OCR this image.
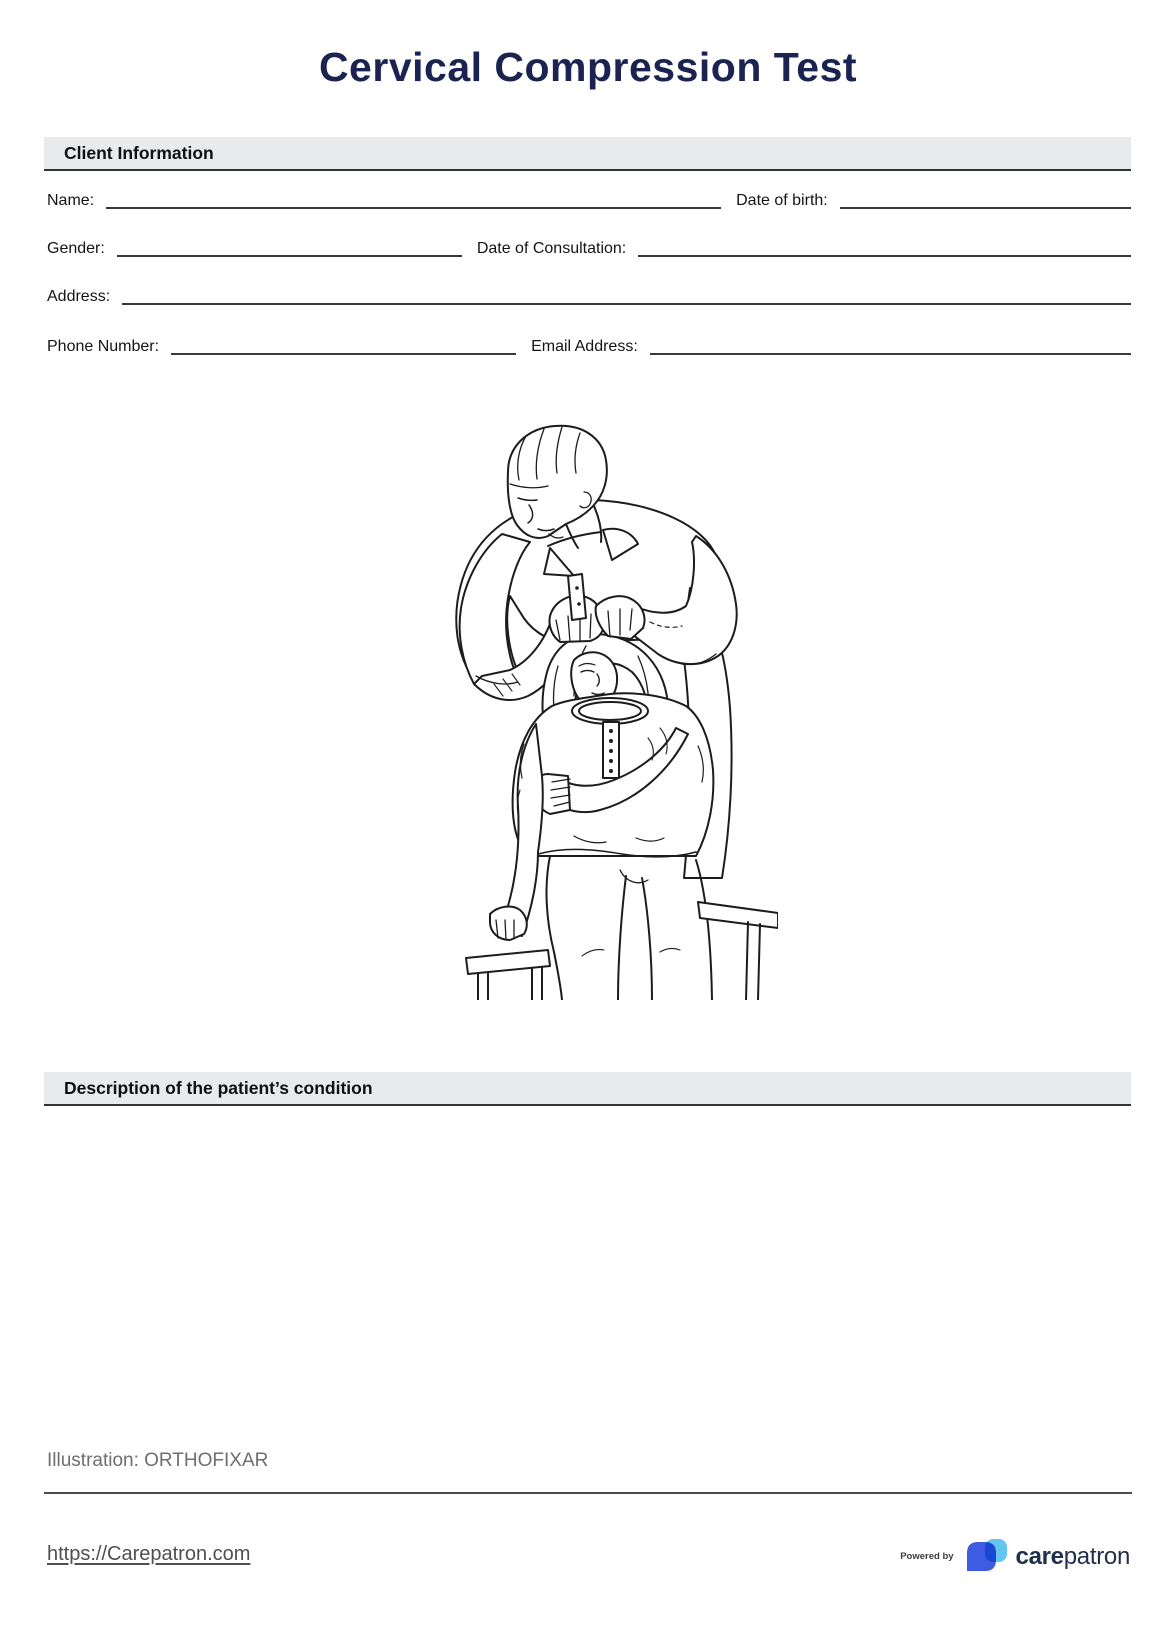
Cervical Compression Test
Client Information
Name:	Date of birth:
Gender:	Date of Consultation:
Address:
Phone Number:	Email Address:
Description of the patient’s condition
Illustration: ORTHOFIXAR
https://Carepatron.com	Powered by	carepatron
